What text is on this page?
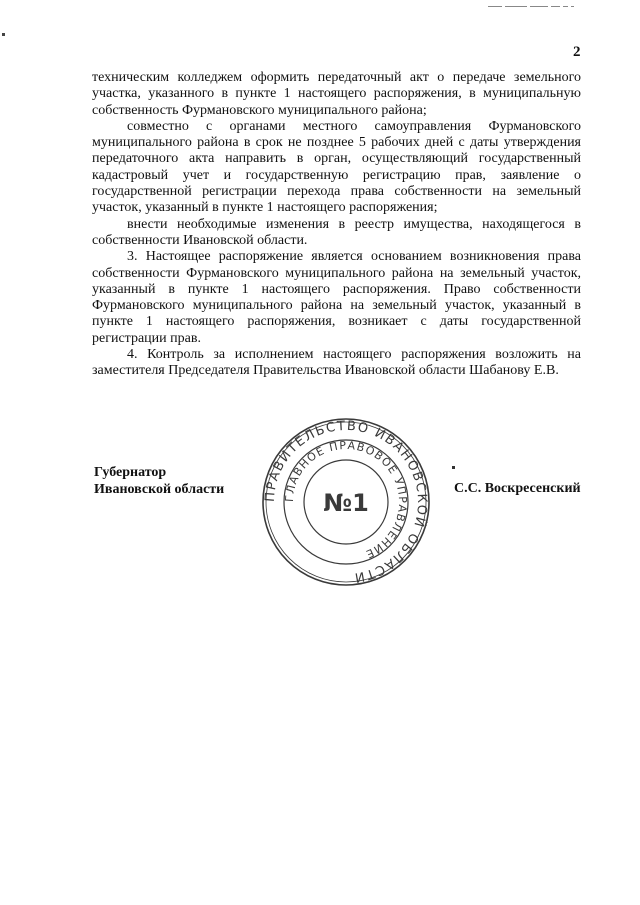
2

техническим колледжем оформить передаточный акт о передаче земельного участка, указанного в пункте 1 настоящего распоряжения, в муниципальную собственность Фурмановского муниципального района;

совместно с органами местного самоуправления Фурмановского муниципального района в срок не позднее 5 рабочих дней с даты утверждения передаточного акта направить в орган, осуществляющий государственный кадастровый учет и государственную регистрацию прав, заявление о государственной регистрации перехода права собственности на земельный участок, указанный в пункте 1 настоящего распоряжения;

внести необходимые изменения в реестр имущества, находящегося в собственности Ивановской области.

3. Настоящее распоряжение является основанием возникновения права собственности Фурмановского муниципального района на земельный участок, указанный в пункте 1 настоящего распоряжения. Право собственности Фурмановского муниципального района на земельный участок, указанный в пункте 1 настоящего распоряжения, возникает с даты государственной регистрации прав.

4. Контроль за исполнением настоящего распоряжения возложить на заместителя Председателя Правительства Ивановской области Шабанову Е.В.

Губернатор
Ивановской области	ПРАВИТЕЛЬСТВО ИВАНОВСКОЙ ОБЛАСТИ
ГЛАВНОЕ ПРАВОВОЕ УПРАВЛЕНИЕ
№1
С.С. Воскресенский
